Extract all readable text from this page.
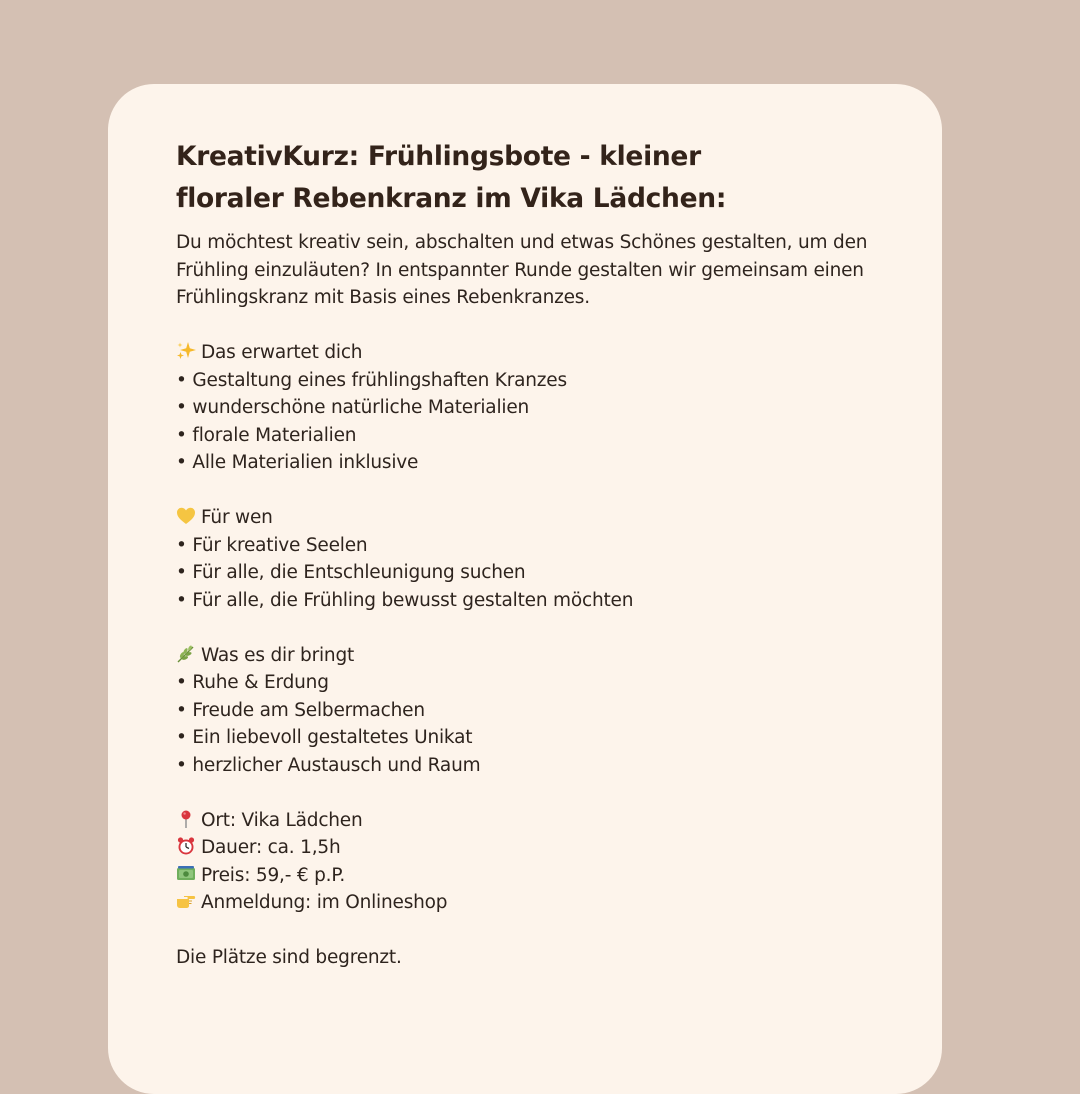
KreativKurz: Frühlingsbote - kleiner
floraler Rebenkranz im Vika Lädchen:

Du möchtest kreativ sein, abschalten und etwas Schönes gestalten, um den
Frühling einzuläuten? In entspannter Runde gestalten wir gemeinsam einen
Frühlingskranz mit Basis eines Rebenkranzes.

Das erwartet dich
• Gestaltung eines frühlingshaften Kranzes
• wunderschöne natürliche Materialien
• florale Materialien
• Alle Materialien inklusive
Für wen
• Für kreative Seelen
• Für alle, die Entschleunigung suchen
• Für alle, die Frühling bewusst gestalten möchten
Was es dir bringt
• Ruhe & Erdung
• Freude am Selbermachen
• Ein liebevoll gestaltetes Unikat
• herzlicher Austausch und Raum
Ort: Vika Lädchen
Dauer: ca. 1,5h
Preis: 59,- € p.P.
Anmeldung: im Onlineshop
Die Plätze sind begrenzt.
